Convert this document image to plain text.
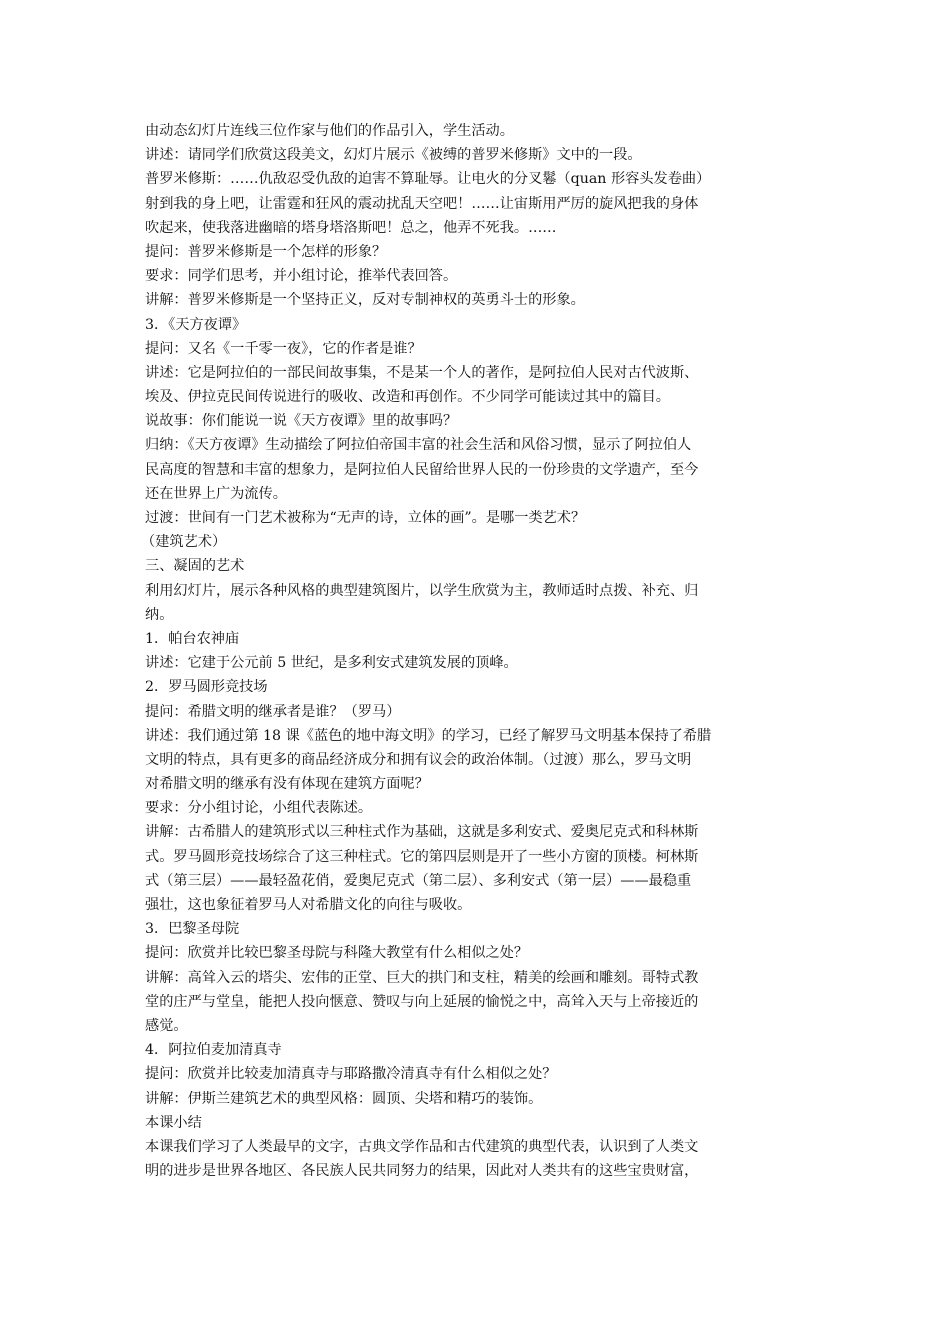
由动态幻灯片连线三位作家与他们的作品引入，学生活动。
讲述：请同学们欣赏这段美文，幻灯片展示《被缚的普罗米修斯》文中的一段。
普罗米修斯：……仇敌忍受仇敌的迫害不算耻辱。让电火的分叉鬈（quan 形容头发卷曲）
射到我的身上吧，让雷霆和狂风的震动扰乱天空吧！……让宙斯用严厉的旋风把我的身体
吹起来，使我落进幽暗的塔身塔洛斯吧！总之，他弄不死我。……
提问：普罗米修斯是一个怎样的形象？
要求：同学们思考，并小组讨论，推举代表回答。
讲解：普罗米修斯是一个坚持正义，反对专制神权的英勇斗士的形象。
3．《天方夜谭》
提问：又名《一千零一夜》，它的作者是谁？
讲述：它是阿拉伯的一部民间故事集，不是某一个人的著作，是阿拉伯人民对古代波斯、
埃及、伊拉克民间传说进行的吸收、改造和再创作。不少同学可能读过其中的篇目。
说故事：你们能说一说《天方夜谭》里的故事吗？
归纳：《天方夜谭》生动描绘了阿拉伯帝国丰富的社会生活和风俗习惯，显示了阿拉伯人
民高度的智慧和丰富的想象力，是阿拉伯人民留给世界人民的一份珍贵的文学遗产，至今
还在世界上广为流传。
过渡：世间有一门艺术被称为“无声的诗，立体的画”。是哪一类艺术？
（建筑艺术）
三、凝固的艺术
利用幻灯片，展示各种风格的典型建筑图片，以学生欣赏为主，教师适时点拨、补充、归
纳。
1．帕台农神庙
讲述：它建于公元前 5 世纪，是多利安式建筑发展的顶峰。
2．罗马圆形竞技场
提问：希腊文明的继承者是谁？（罗马）
讲述：我们通过第 18 课《蓝色的地中海文明》的学习，已经了解罗马文明基本保持了希腊
文明的特点，具有更多的商品经济成分和拥有议会的政治体制。（过渡）那么，罗马文明
对希腊文明的继承有没有体现在建筑方面呢？
要求：分小组讨论，小组代表陈述。
讲解：古希腊人的建筑形式以三种柱式作为基础，这就是多利安式、爱奥尼克式和科林斯
式。罗马圆形竞技场综合了这三种柱式。它的第四层则是开了一些小方窗的顶楼。柯林斯
式（第三层）——最轻盈花俏，爱奥尼克式（第二层）、多利安式（第一层）——最稳重
强壮，这也象征着罗马人对希腊文化的向往与吸收。
3．巴黎圣母院
提问：欣赏并比较巴黎圣母院与科隆大教堂有什么相似之处？
讲解：高耸入云的塔尖、宏伟的正堂、巨大的拱门和支柱，精美的绘画和雕刻。哥特式教
堂的庄严与堂皇，能把人投向惬意、赞叹与向上延展的愉悦之中，高耸入天与上帝接近的
感觉。
4．阿拉伯麦加清真寺
提问：欣赏并比较麦加清真寺与耶路撒冷清真寺有什么相似之处？
讲解：伊斯兰建筑艺术的典型风格：圆顶、尖塔和精巧的装饰。
本课小结
本课我们学习了人类最早的文字，古典文学作品和古代建筑的典型代表，认识到了人类文
明的进步是世界各地区、各民族人民共同努力的结果，因此对人类共有的这些宝贵财富，
